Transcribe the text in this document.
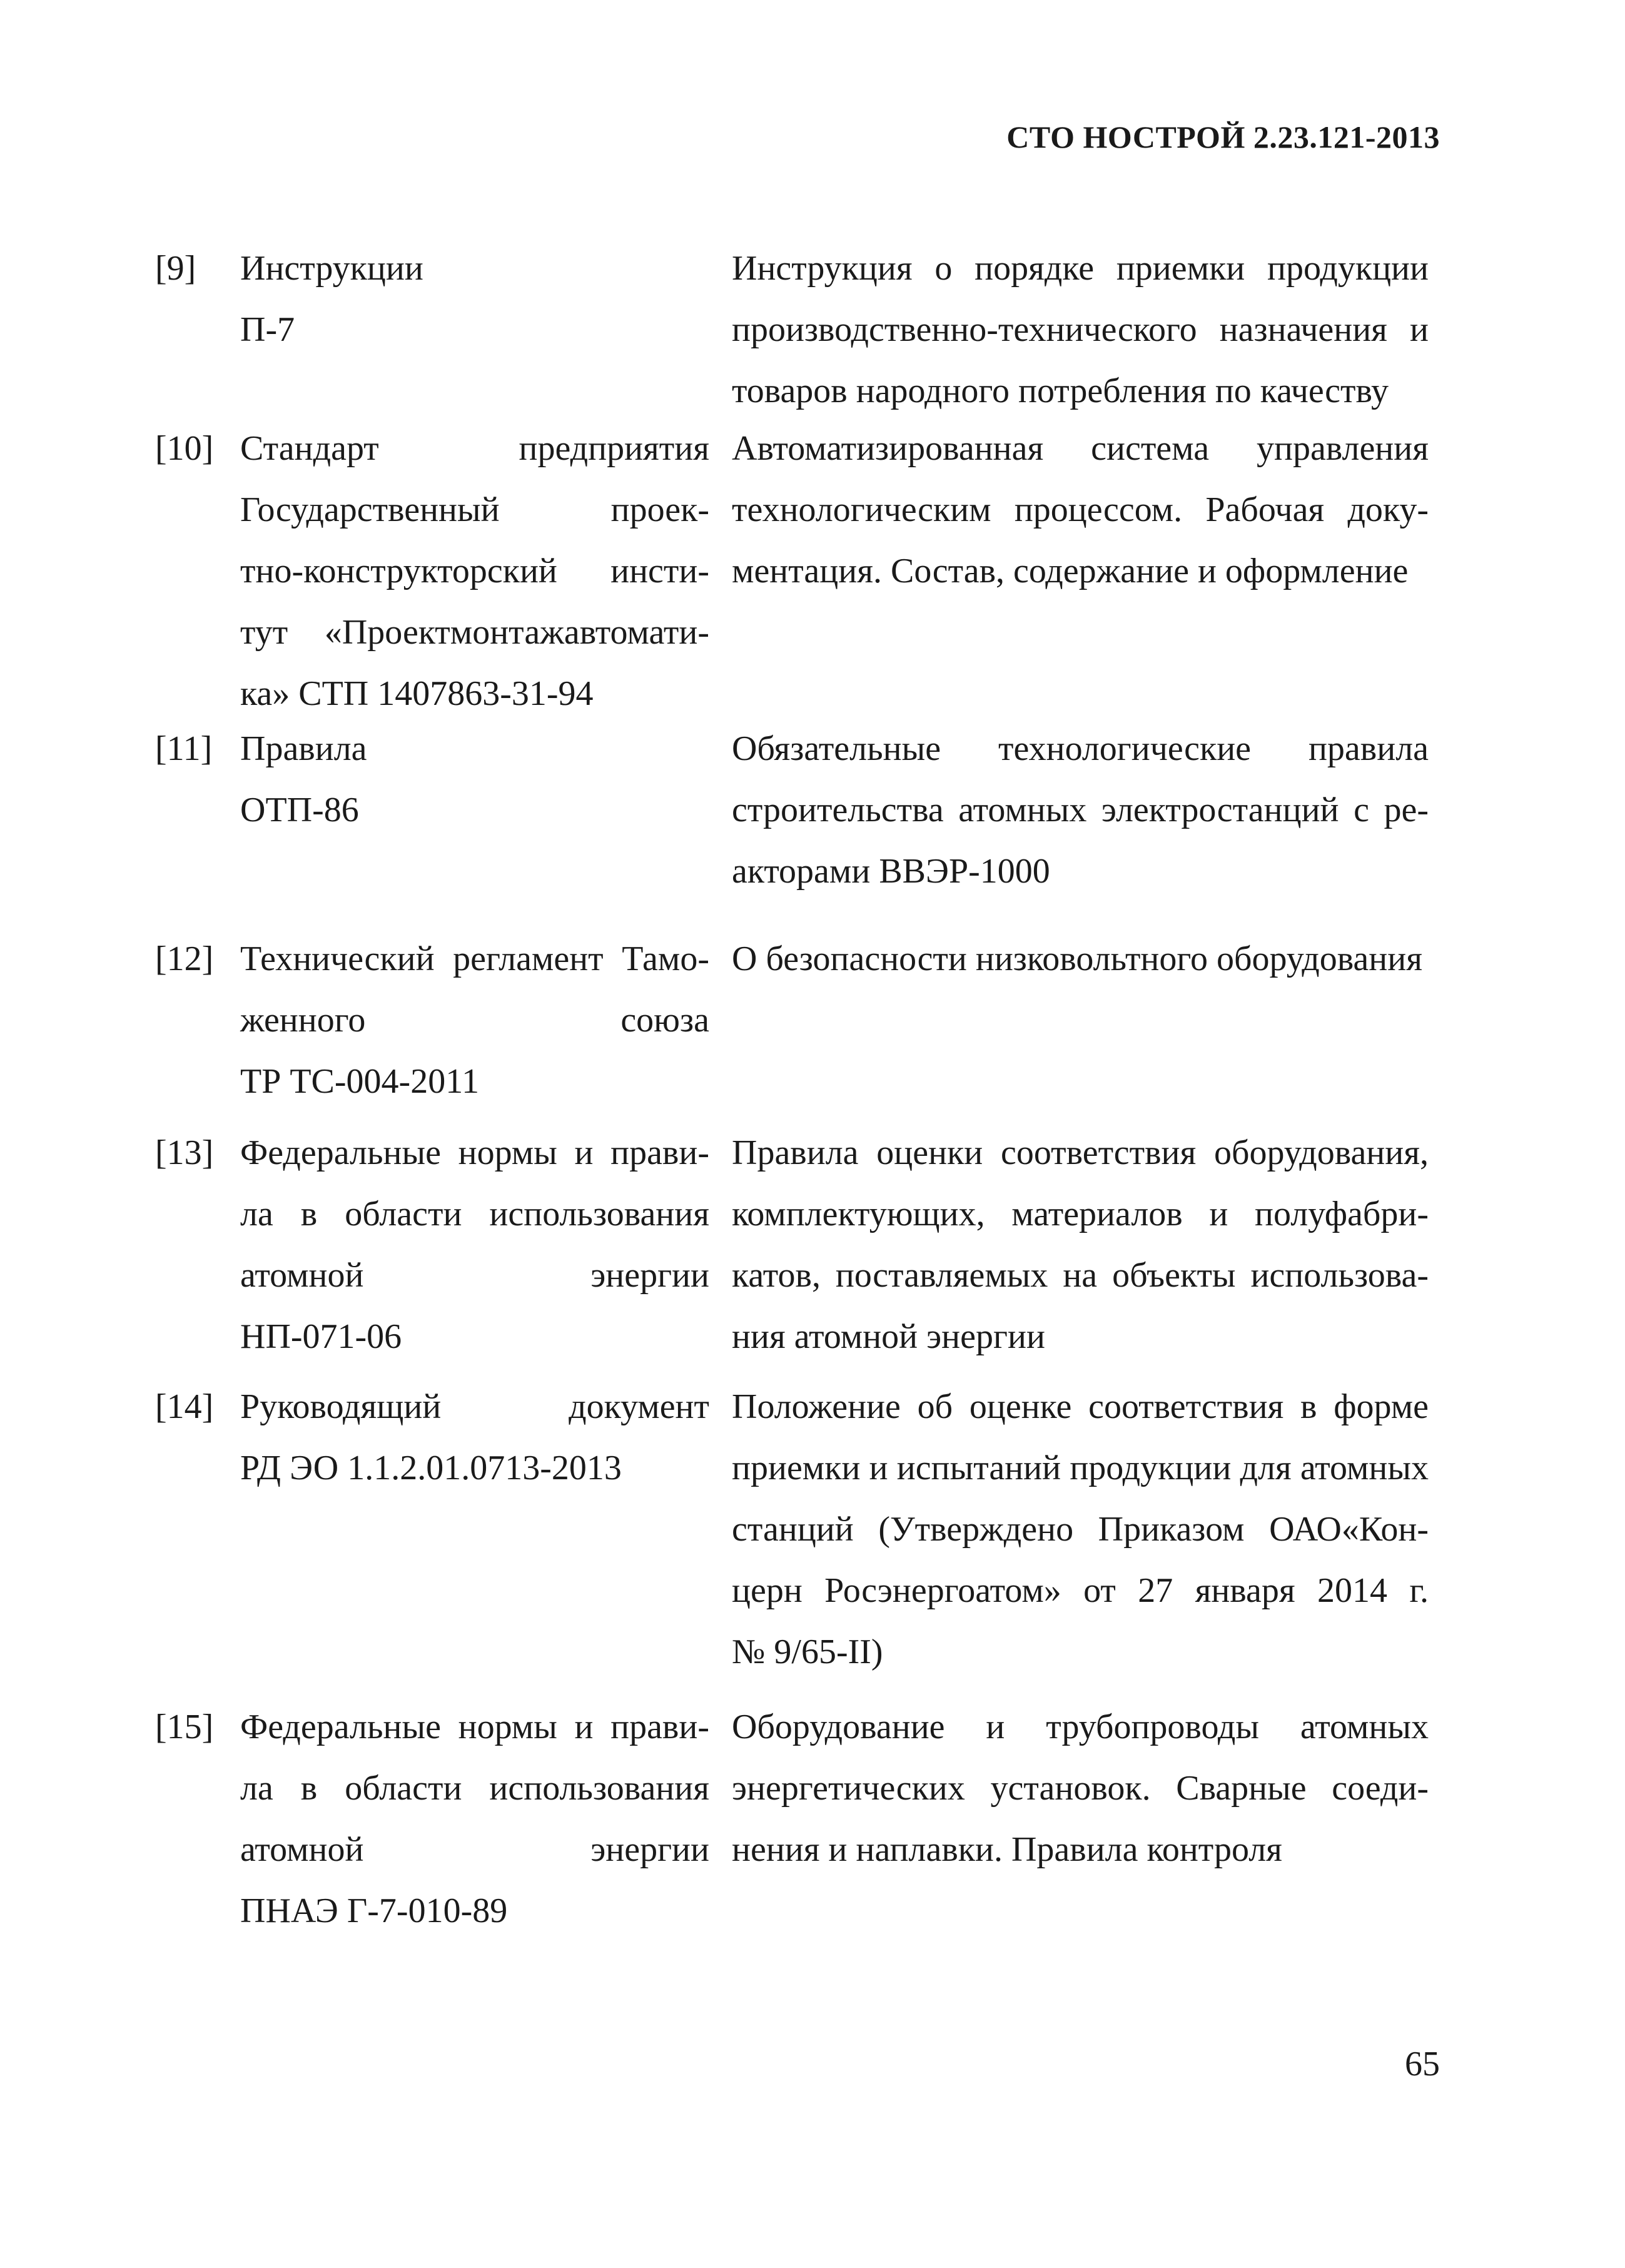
СТО НОСТРОЙ 2.23.121-2013
[9] Инструкции
П-7
Инструкция о порядке приемки продукции
производственно-технического назначения и
товаров народного потребления по качеству
[10] Стандарт предприятия
Государственный проек-
тно-конструкторский инсти-
тут «Проектмонтажавтомати-
ка» СТП 1407863-31-94
Автоматизированная система управления
технологическим процессом. Рабочая доку-
ментация. Состав, содержание и оформление
[11] Правила
ОТП-86
Обязательные технологические правила
строительства атомных электростанций с ре-
акторами ВВЭР-1000
[12] Технический регламент Тамо-
женного союза
ТР ТС-004-2011
О безопасности низковольтного оборудования
[13] Федеральные нормы и прави-
ла в области использования
атомной энергии
НП-071-06
Правила оценки соответствия оборудования,
комплектующих, материалов и полуфабри-
катов, поставляемых на объекты использова-
ния атомной энергии
[14] Руководящий документ
РД ЭО 1.1.2.01.0713-2013
Положение об оценке соответствия в форме
приемки и испытаний продукции для атомных
станций (Утверждено Приказом ОАО«Кон-
церн Росэнергоатом» от 27 января 2014 г.
№ 9/65-II)
[15] Федеральные нормы и прави-
ла в области использования
атомной энергии
ПНАЭ Г-7-010-89
Оборудование и трубопроводы атомных
энергетических установок. Сварные соеди-
нения и наплавки. Правила контроля
65
